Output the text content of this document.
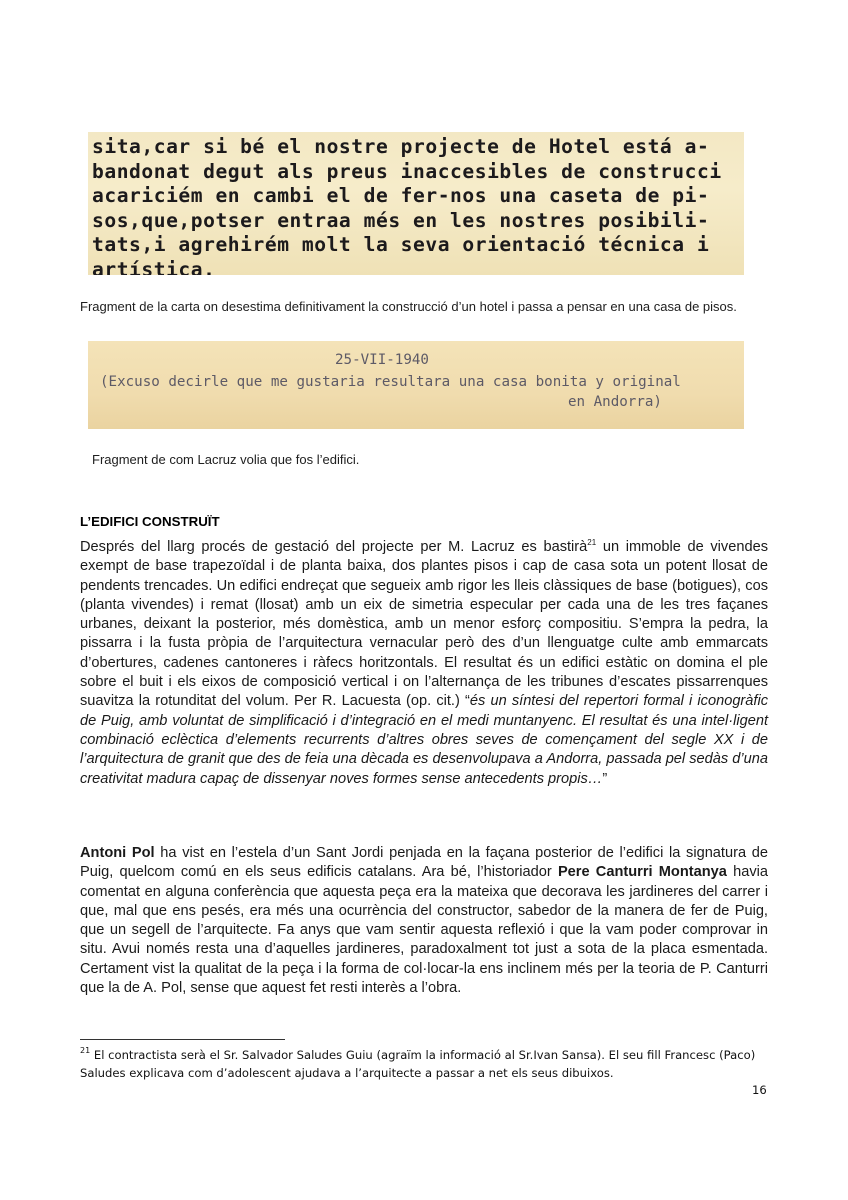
sita,car si bé el nostre projecte de Hotel está a-
bandonat degut als preus inaccesibles de construcci
acariciém en cambi el de fer-nos una caseta de pi-
sos,que,potser entraa més en les nostres posibili-
tats,i agrehirém molt la seva orientació técnica i
artística.
Fragment de la carta on desestima definitivament la construcció d’un hotel i passa a pensar en una casa de pisos.
25-VII-1940
(Excuso decirle que me gustaria resultara una casa bonita y original
en Andorra)
Fragment de com Lacruz volia que fos l’edifici.
L’EDIFICI CONSTRUÏT

Després del llarg procés de gestació del projecte per M. Lacruz es bastirà$^{21}$ un immoble de vivendes exempt de base trapezoïdal i de planta baixa, dos plantes pisos i cap de casa sota un potent llosat de pendents trencades. Un edifici endreçat que segueix amb rigor les lleis clàssiques de base (botigues), cos (planta vivendes) i remat (llosat) amb un eix de simetria especular per cada una de les tres façanes urbanes, deixant la posterior, més domèstica, amb un menor esforç compositiu. S’empra la pedra, la pissarra i la fusta pròpia de l’arquitectura vernacular però des d’un llenguatge culte amb emmarcats d’obertures, cadenes cantoneres i ràfecs horitzontals. El resultat és un edifici estàtic on domina el ple sobre el buit i els eixos de composició vertical i on l’alternança de les tribunes d’escates pissarrenques suavitza la rotunditat del volum. Per R. Lacuesta (op. cit.) “és un síntesi del repertori formal i iconogràfic de Puig, amb voluntat de simplificació i d’integració en el medi muntanyenc. El resultat és una intel·ligent combinació eclèctica d’elements recurrents d’altres obres seves de començament del segle XX i de l’arquitectura de granit que des de feia una dècada es desenvolupava a Andorra, passada pel sedàs d’una creativitat madura capaç de dissenyar noves formes sense antecedents propis…”

Antoni Pol ha vist en l’estela d’un Sant Jordi penjada en la façana posterior de l’edifici la signatura de Puig, quelcom comú en els seus edificis catalans. Ara bé, l’historiador Pere Canturri Montanya havia comentat en alguna conferència que aquesta peça era la mateixa que decorava les jardineres del carrer i que, mal que ens pesés, era més una ocurrència del constructor, sabedor de la manera de fer de Puig, que un segell de l’arquitecte. Fa anys que vam sentir aquesta reflexió i que la vam poder comprovar in situ. Avui només resta una d’aquelles jardineres, paradoxalment tot just a sota de la placa esmentada. Certament vist la qualitat de la peça i la forma de col·locar-la ens inclinem més per la teoria de P. Canturri que la de A. Pol, sense que aquest fet resti interès a l’obra.

$^{21}$ El contractista serà el Sr. Salvador Saludes Guiu (agraïm la informació al Sr.Ivan Sansa). El seu fill Francesc (Paco) Saludes explicava com d’adolescent ajudava a l’arquitecte a passar a net els seus dibuixos.
16
